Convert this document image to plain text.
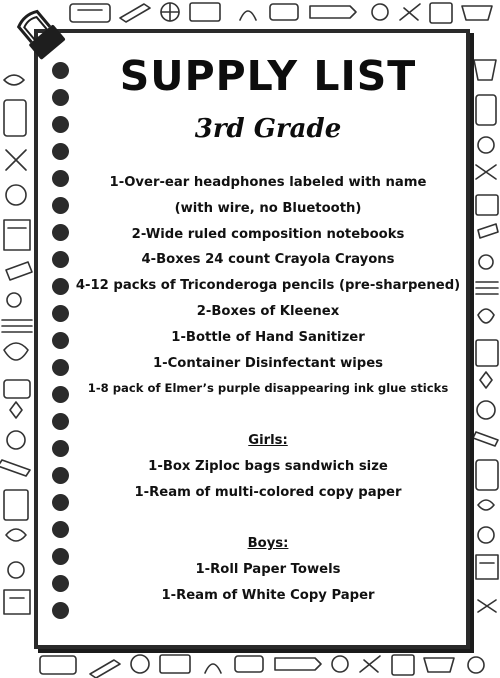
SUPPLY LIST
3rd Grade
1-Over-ear headphones labeled with name
(with wire, no Bluetooth)
2-Wide ruled composition notebooks
4-Boxes 24 count Crayola Crayons
4-12 packs of Triconderoga pencils (pre-sharpened)
2-Boxes of Kleenex
1-Bottle of Hand Sanitizer
1-Container Disinfectant wipes
1-8 pack of Elmer’s purple disappearing ink glue sticks
Girls:
1-Box Ziploc bags sandwich size
1-Ream of multi-colored copy paper
Boys:
1-Roll Paper Towels
1-Ream of White Copy Paper
